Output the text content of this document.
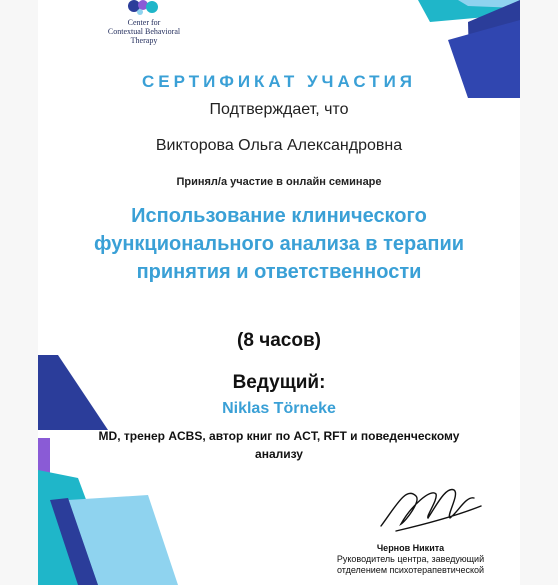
Center for
Contextual Behavioral
Therapy
СЕРТИФИКАТ УЧАСТИЯ
Подтверждает, что
Викторова Ольга Александровна
Принял/а участие в онлайн семинаре
Использование клинического функционального анализа в терапии принятия и ответственности
(8 часов)
Ведущий:
Niklas Törneke
MD, тренер ACBS, автор книг по ACT, RFT и поведенческому анализу
Чернов Никита
Руководитель центра, заведующий
отделением психотерапевтической
